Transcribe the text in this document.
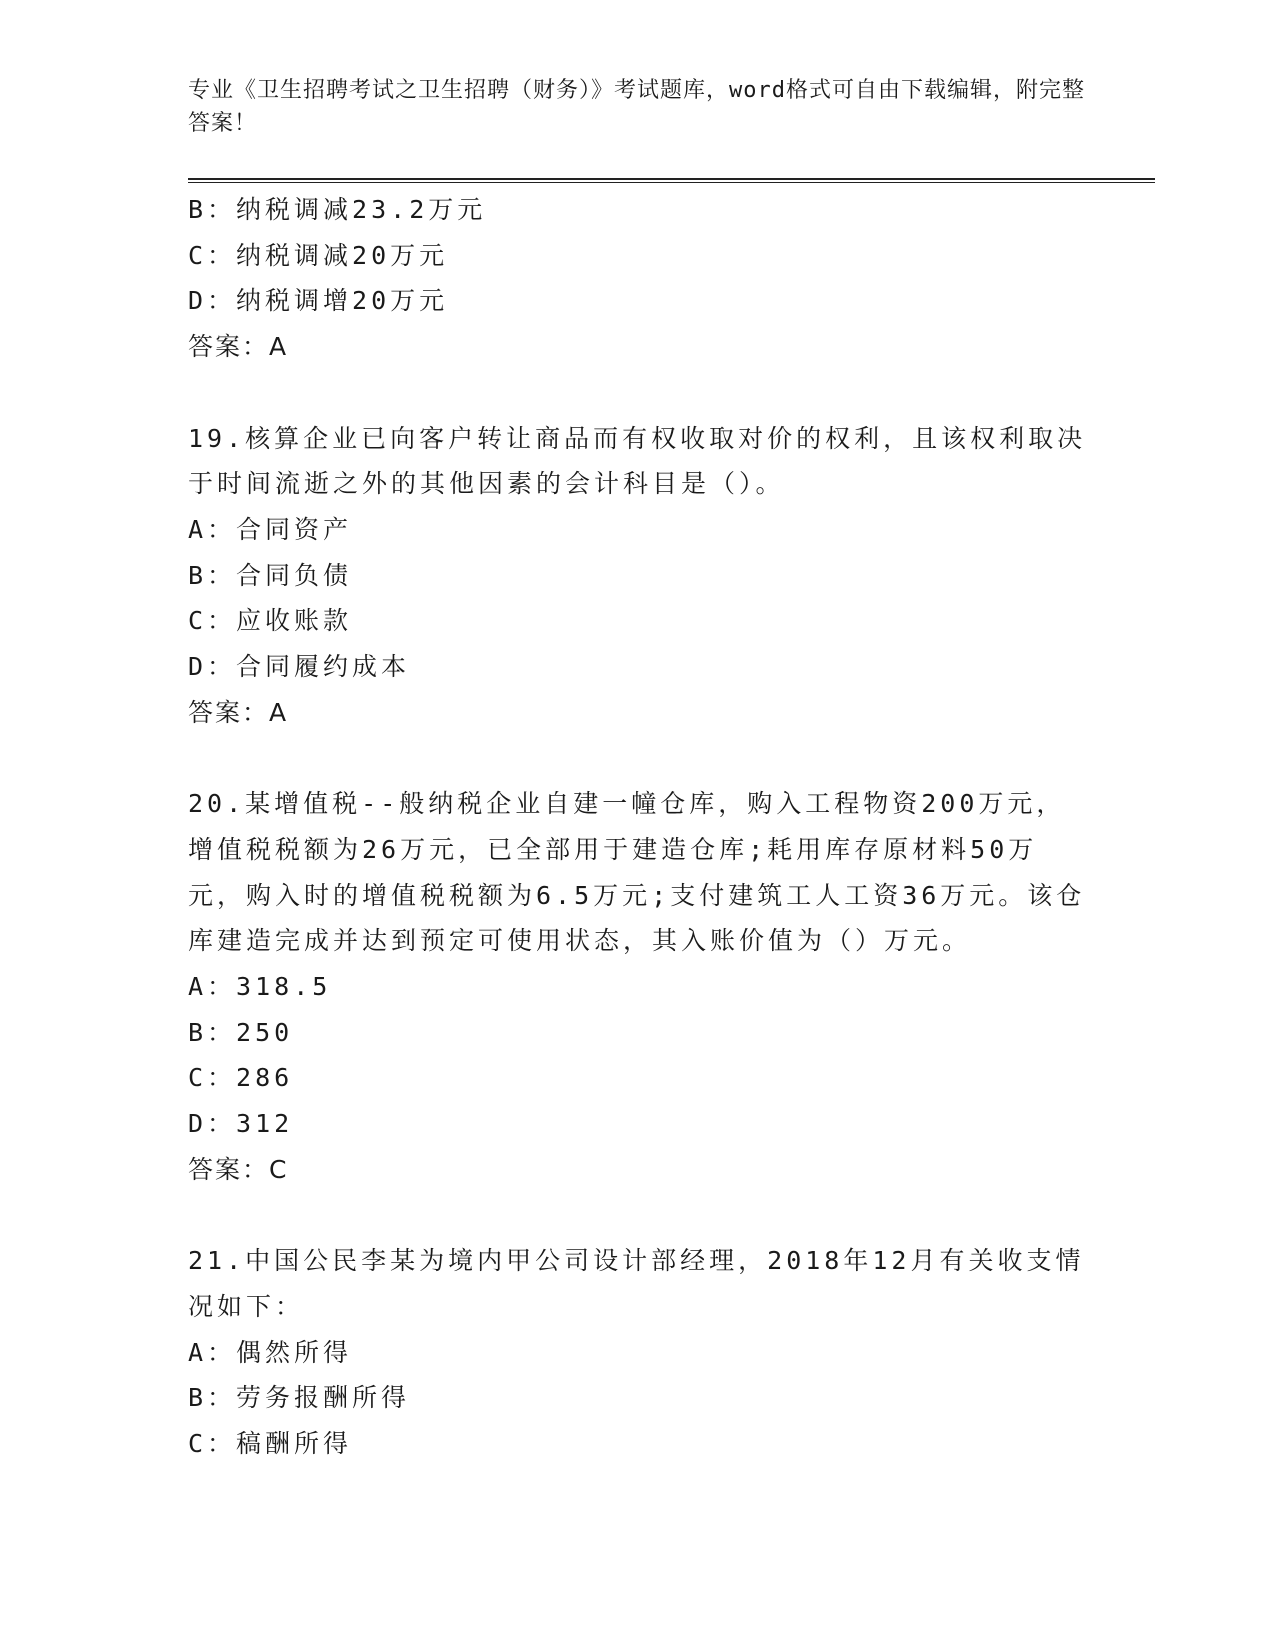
专业《卫生招聘考试之卫生招聘（财务）》考试题库，word格式可自由下载编辑，附完整答案！
B：纳税调减23.2万元
C：纳税调减20万元
D：纳税调增20万元
答案：A
19.核算企业已向客户转让商品而有权收取对价的权利，且该权利取决于时间流逝之外的其他因素的会计科目是（）。
A：合同资产
B：合同负债
C：应收账款
D：合同履约成本
答案：A
20.某增值税--般纳税企业自建一幢仓库，购入工程物资200万元，增值税税额为26万元，已全部用于建造仓库;耗用库存原材料50万元，购入时的增值税税额为6.5万元;支付建筑工人工资36万元。该仓库建造完成并达到预定可使用状态，其入账价值为（）万元。
A：318.5
B：250
C：286
D：312
答案：C
21.中国公民李某为境内甲公司设计部经理，2018年12月有关收支情况如下：
A：偶然所得
B：劳务报酬所得
C：稿酬所得
